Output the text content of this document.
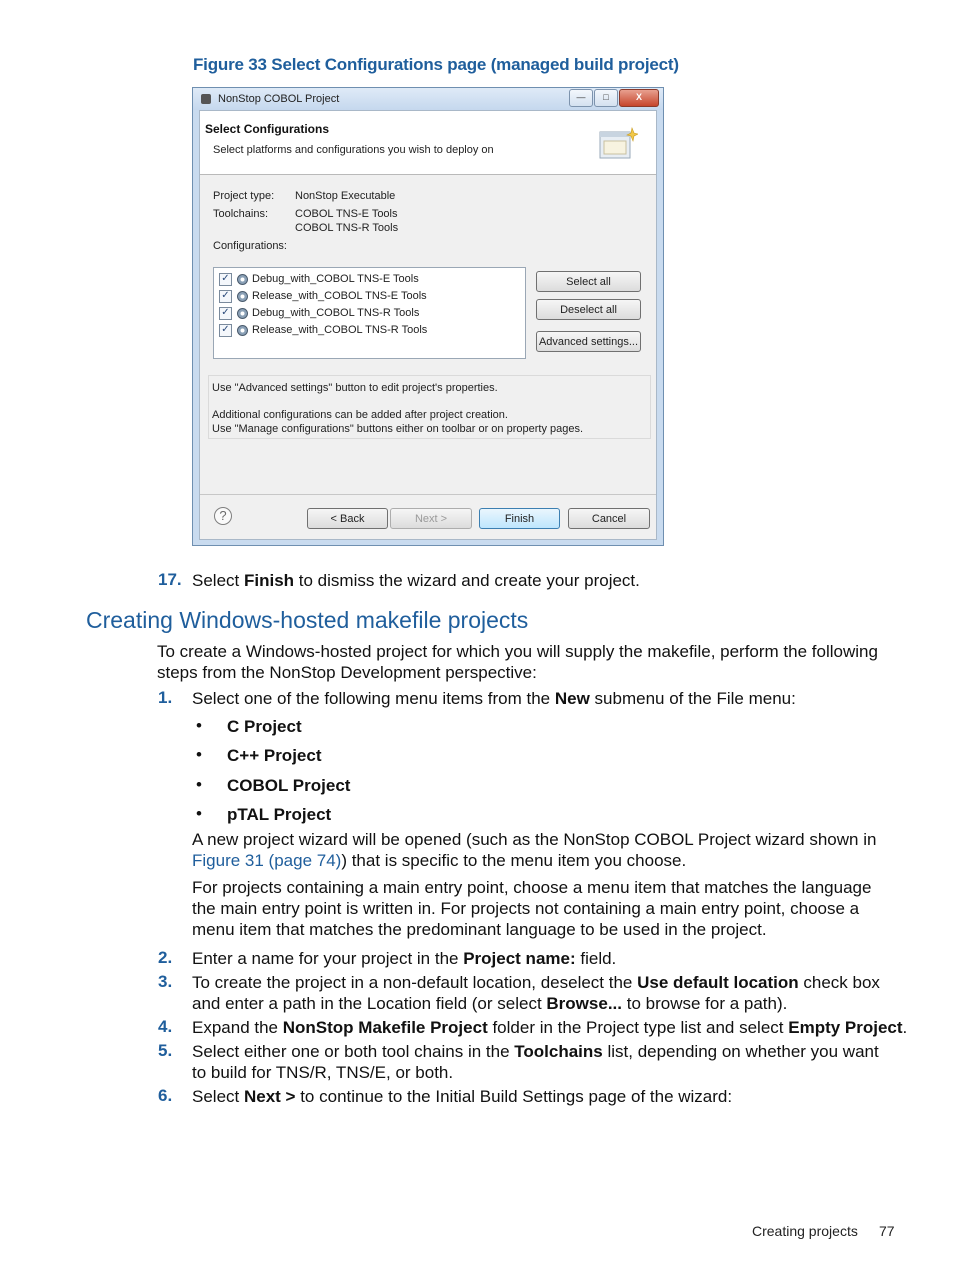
Figure 33 Select Configurations page (managed build project)
NonStop COBOL Project	—	□	X
Select Configurations
Select platforms and configurations you wish to deploy on
Project type: NonStop Executable
Toolchains: COBOL TNS-E Tools
COBOL TNS-R Tools
Configurations:
✓ Debug_with_COBOL TNS-E Tools
✓ Release_with_COBOL TNS-E Tools
✓ Debug_with_COBOL TNS-R Tools
✓ Release_with_COBOL TNS-R Tools
Select all
Deselect all
Advanced settings...
Use "Advanced settings" button to edit project's properties.
Additional configurations can be added after project creation.
Use "Manage configurations" buttons either on toolbar or on property pages.
?	< Back	Next >	Finish	Cancel
17. Select Finish to dismiss the wizard and create your project.
Creating Windows-hosted makefile projects
To create a Windows-hosted project for which you will supply the makefile, perform the following
steps from the NonStop Development perspective:
1. Select one of the following menu items from the New submenu of the File menu:
• C Project
• C++ Project
• COBOL Project
• pTAL Project
A new project wizard will be opened (such as the NonStop COBOL Project wizard shown in
Figure 31 (page 74)) that is specific to the menu item you choose.
For projects containing a main entry point, choose a menu item that matches the language
the main entry point is written in. For projects not containing a main entry point, choose a
menu item that matches the predominant language to be used in the project.
2. Enter a name for your project in the Project name: field.
3. To create the project in a non-default location, deselect the Use default location check box
and enter a path in the Location field (or select Browse... to browse for a path).
4. Expand the NonStop Makefile Project folder in the Project type list and select Empty Project.
5. Select either one or both tool chains in the Toolchains list, depending on whether you want
to build for TNS/R, TNS/E, or both.
6. Select Next > to continue to the Initial Build Settings page of the wizard:
Creating projects 77
